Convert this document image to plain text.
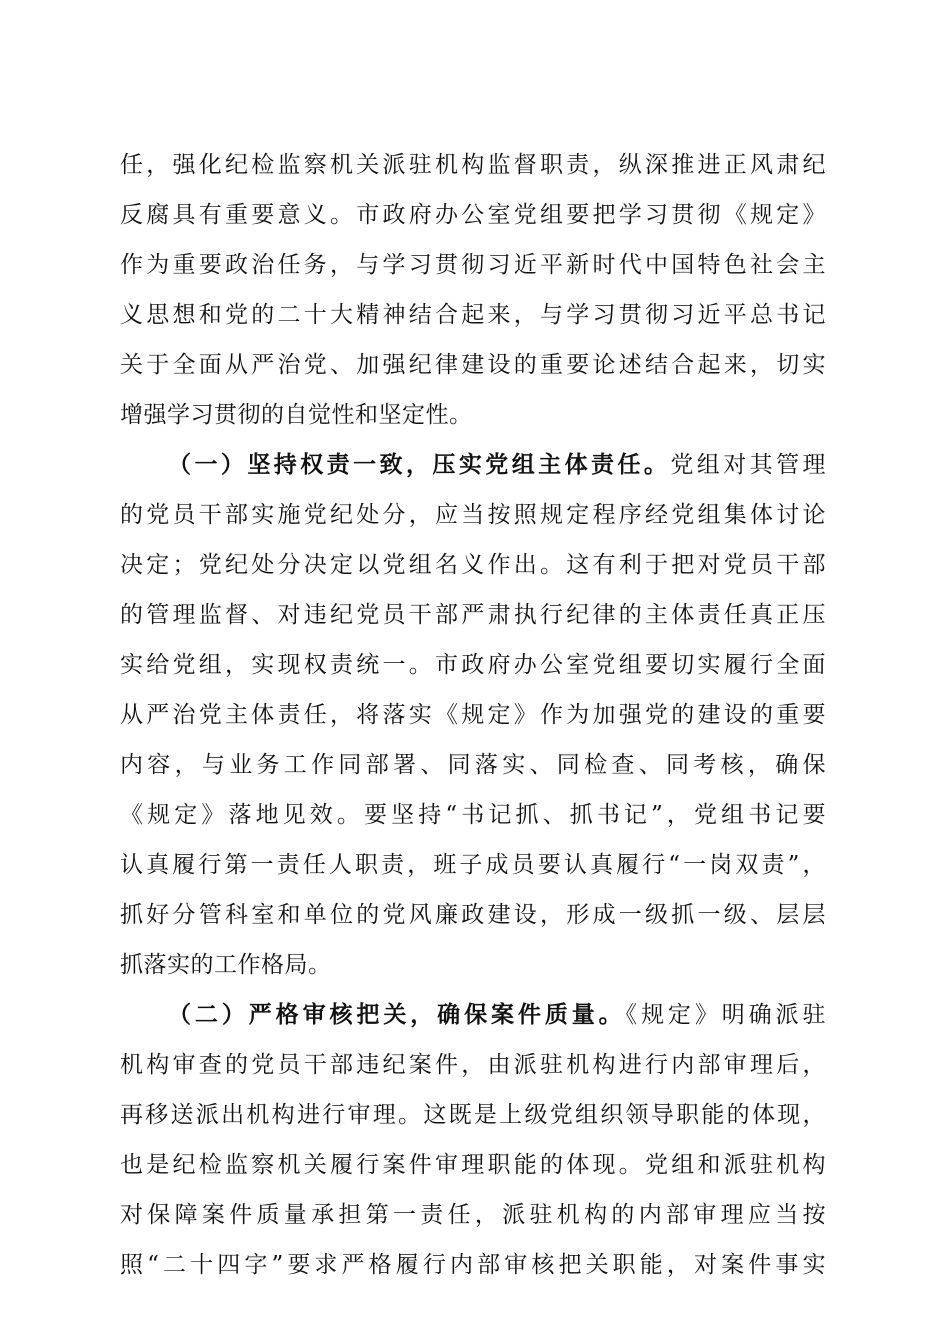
任，强化纪检监察机关派驻机构监督职责，纵深推进正风肃纪
反腐具有重要意义。市政府办公室党组要把学习贯彻《规定》
作为重要政治任务，与学习贯彻习近平新时代中国特色社会主
义思想和党的二十大精神结合起来，与学习贯彻习近平总书记
关于全面从严治党、加强纪律建设的重要论述结合起来，切实
增强学习贯彻的自觉性和坚定性。
（一）坚持权责一致，压实党组主体责任。党组对其管理
的党员干部实施党纪处分，应当按照规定程序经党组集体讨论
决定；党纪处分决定以党组名义作出。这有利于把对党员干部
的管理监督、对违纪党员干部严肃执行纪律的主体责任真正压
实给党组，实现权责统一。市政府办公室党组要切实履行全面
从严治党主体责任，将落实《规定》作为加强党的建设的重要
内容，与业务工作同部署、同落实、同检查、同考核，确保
《规定》落地见效。要坚持“书记抓、抓书记”，党组书记要
认真履行第一责任人职责，班子成员要认真履行“一岗双责”，
抓好分管科室和单位的党风廉政建设，形成一级抓一级、层层
抓落实的工作格局。
（二）严格审核把关，确保案件质量。《规定》明确派驻
机构审查的党员干部违纪案件，由派驻机构进行内部审理后，
再移送派出机构进行审理。这既是上级党组织领导职能的体现，
也是纪检监察机关履行案件审理职能的体现。党组和派驻机构
对保障案件质量承担第一责任，派驻机构的内部审理应当按
照“二十四字”要求严格履行内部审核把关职能，对案件事实
